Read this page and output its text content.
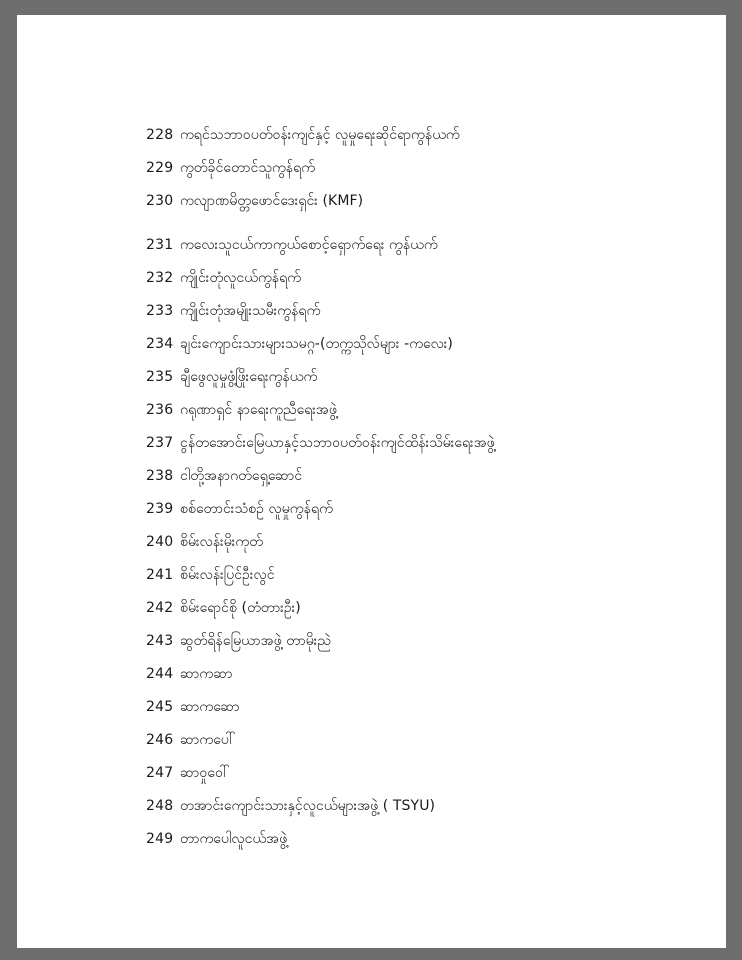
228 ကရင်သဘာဝပတ်ဝန်းကျင်နှင့် လူမှုရေးဆိုင်ရာကွန်ယက်
229 ကွတ်ခိုင်တောင်သူကွန်ရက်
230 ကလျာဏမိတ္တဖောင်ဒေးရှင်း (KMF)
231 ကလေးသူငယ်ကာကွယ်စောင့်ရှောက်ရေး ကွန်ယက်
232 ကျိုင်းတုံလူငယ်ကွန်ရက်
233 ကျိုင်းတုံအမျိုးသမီးကွန်ရက်
234 ချင်းကျောင်းသားများသမဂ္ဂ-(တက္ကသိုလ်များ -ကလေး)
235 ချီဖွေလူမှုဖွံ့ဖြိုးရေးကွန်ယက်
236 ဂရုဏာရှင် နာရေးကူညီရေးအဖွဲ့
237 ငွန်တအောင်းမြေယာနှင့်သဘာဝပတ်ဝန်းကျင်ထိန်းသိမ်းရေးအဖွဲ့
238 ငါတို့အနာဂတ်ရှေ့ဆောင်
239 စစ်တောင်းသံစဉ် လူမှုကွန်ရက်
240 စိမ်းလန်းမိုးကုတ်
241 စိမ်းလန်းပြင်ဦးလွင်
242 စိမ်းရောင်စို (တံတားဦး)
243 ဆွတ်ရိန်မြေယာအဖွဲ့ တာမိုးညဲ
244 ဆာကဆာ
245 ဆာကဆော
246 ဆာကပေါ်
247 ဆာဝှုဝေါ်
248 တအာင်းကျောင်းသားနှင့်လူငယ်များအဖွဲ့ ( TSYU)
249 တာကပေါလူငယ်အဖွဲ့
